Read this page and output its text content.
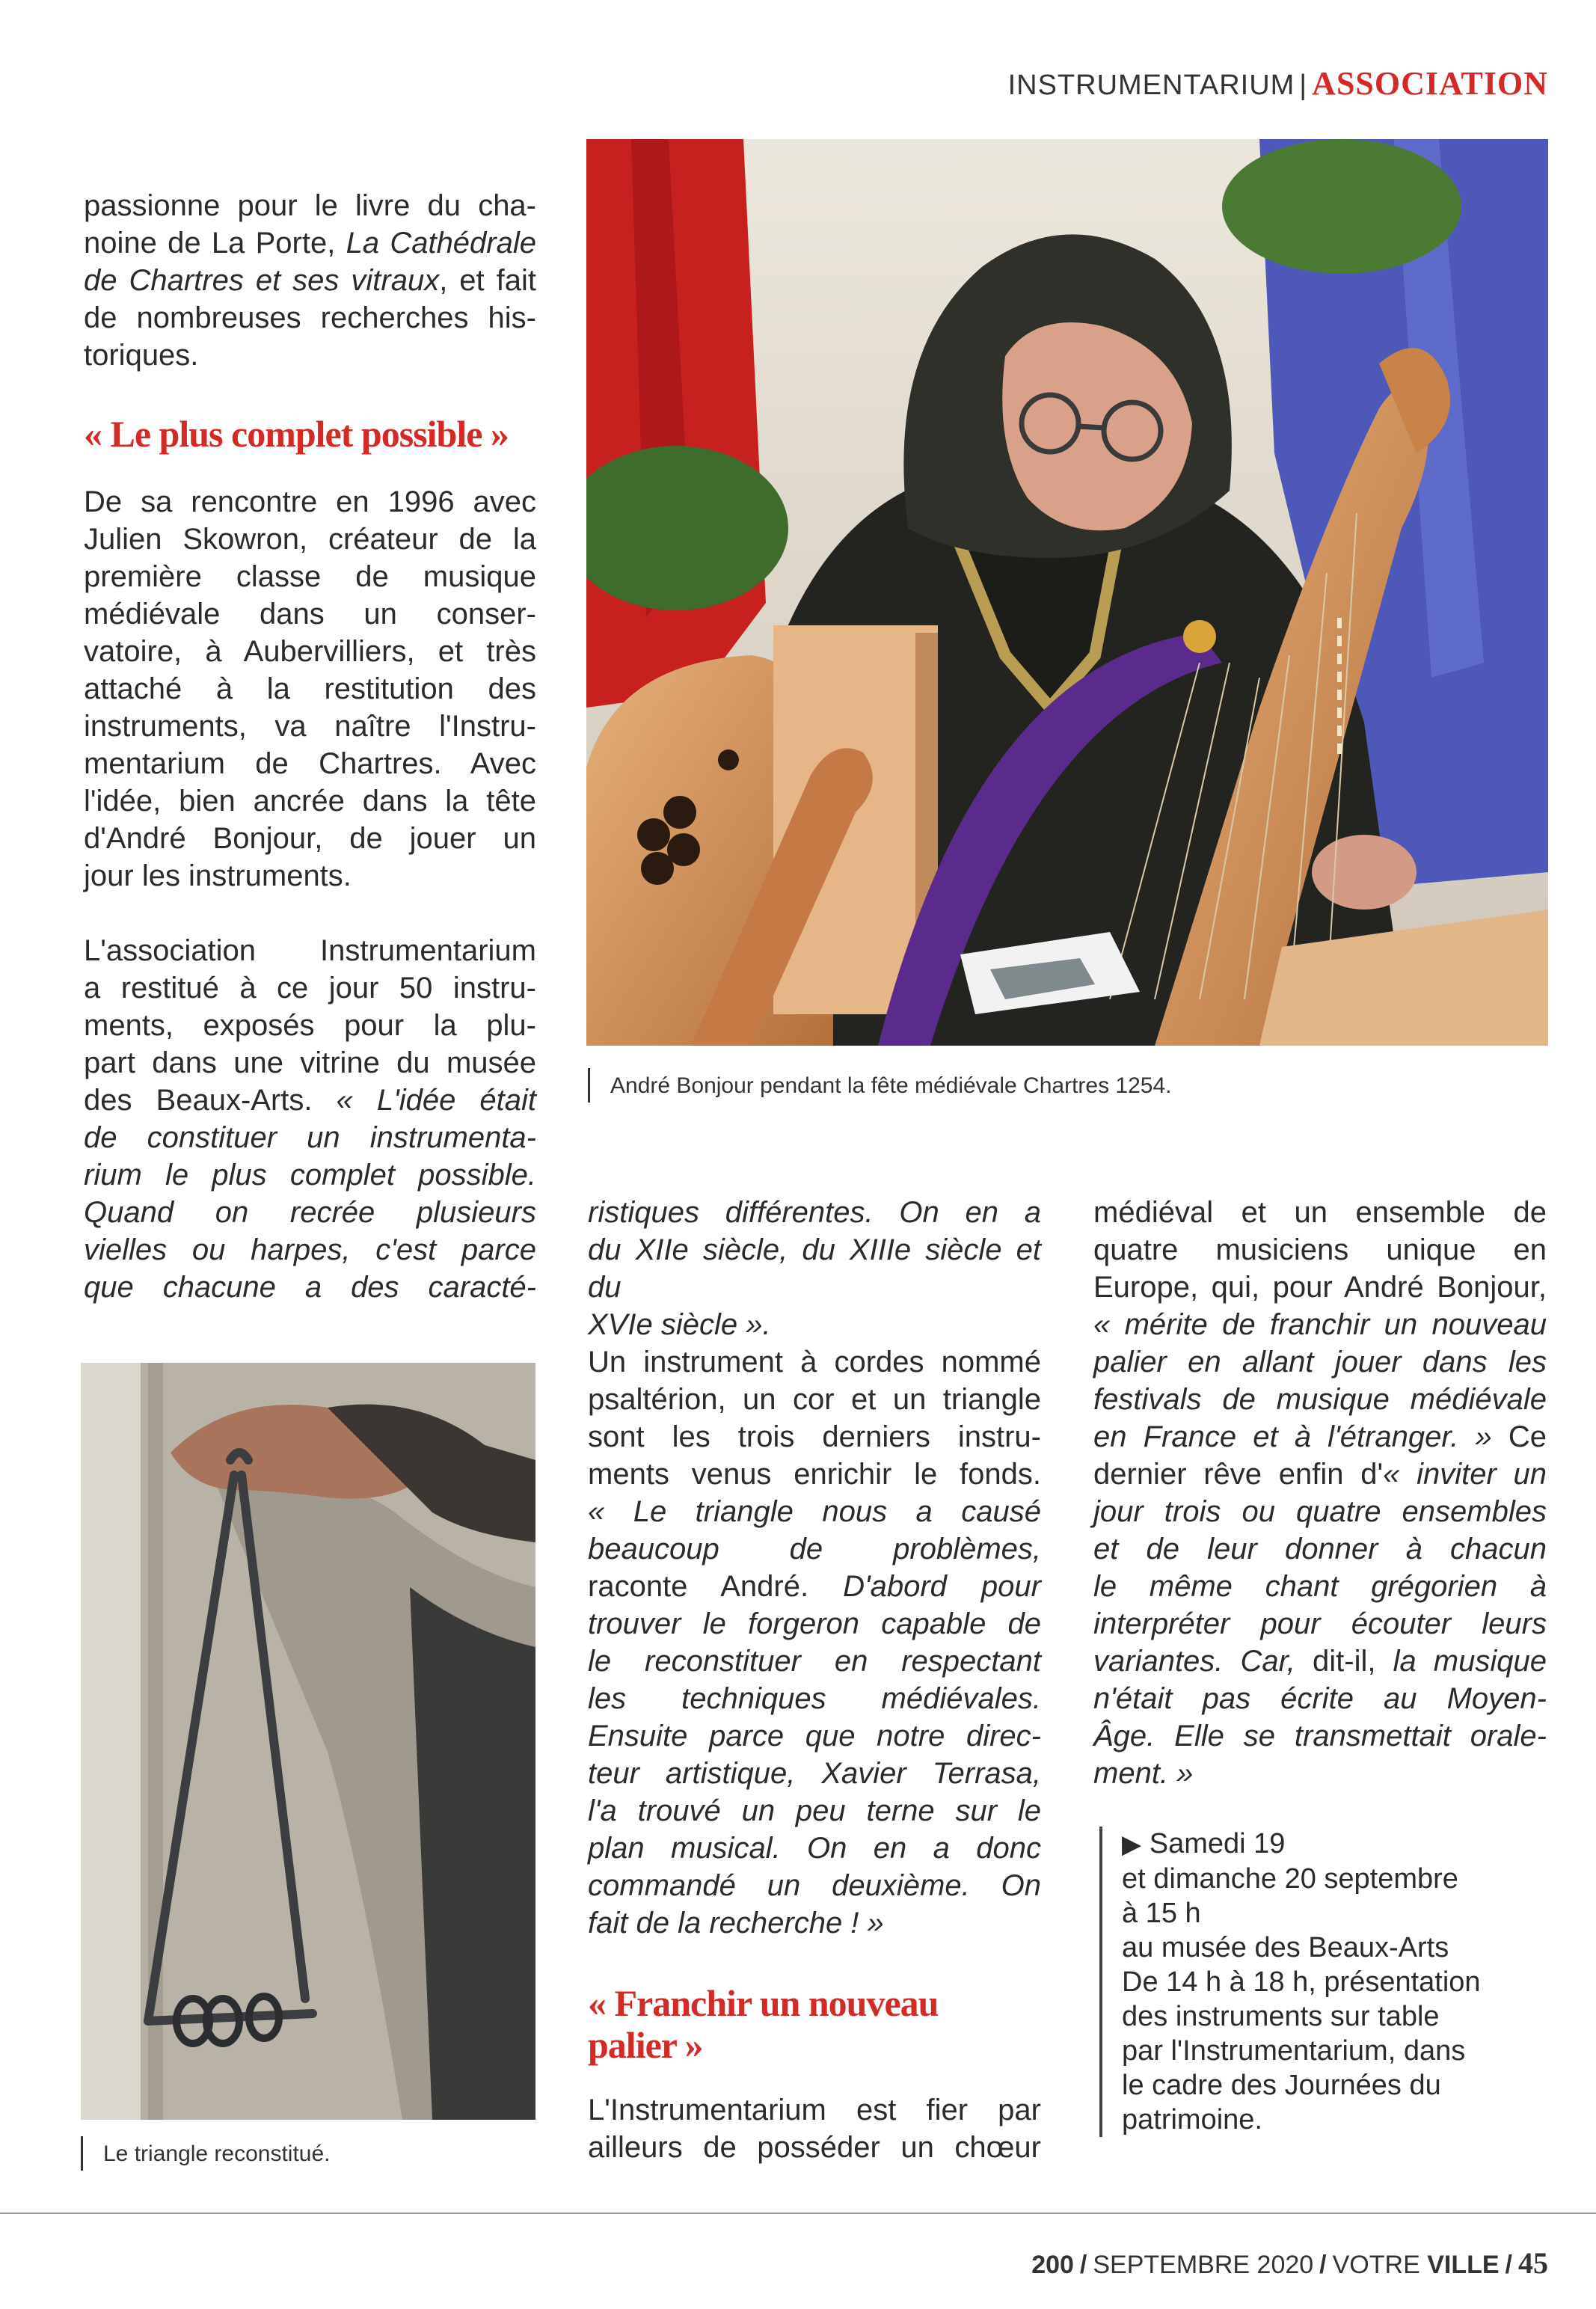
INSTRUMENTARIUM | ASSOCIATION

passionne pour le livre du cha-

noine de La Porte, La Cathédrale

de Chartres et ses vitraux, et fait

de nombreuses recherches his-

toriques.

« Le plus complet possible »

De sa rencontre en 1996 avec

Julien Skowron, créateur de la

première classe de musique

médiévale dans un conser-

vatoire, à Aubervilliers, et très

attaché à la restitution des

instruments, va naître l'Instru-

mentarium de Chartres. Avec

l'idée, bien ancrée dans la tête

d'André Bonjour, de jouer un

jour les instruments.

L'association Instrumentarium

a restitué à ce jour 50 instru-

ments, exposés pour la plu-

part dans une vitrine du musée

des Beaux-Arts. « L'idée était

de constituer un instrumenta-

rium le plus complet possible.

Quand on recrée plusieurs

vielles ou harpes, c'est parce

que chacune a des caracté-

André Bonjour pendant la fête médiévale Chartres 1254.
Le triangle reconstitué.

ristiques différentes. On en a

du XIIe siècle, du XIIIe siècle et du

XVIe siècle ».

Un instrument à cordes nommé

psaltérion, un cor et un triangle

sont les trois derniers instru-

ments venus enrichir le fonds.

« Le triangle nous a causé

beaucoup de problèmes,

raconte André. D'abord pour

trouver le forgeron capable de

le reconstituer en respectant

les techniques médiévales.

Ensuite parce que notre direc-

teur artistique, Xavier Terrasa,

l'a trouvé un peu terne sur le

plan musical. On en a donc

commandé un deuxième. On

fait de la recherche ! »

« Franchir un nouveau
palier »

L'Instrumentarium est fier par

ailleurs de posséder un chœur

médiéval et un ensemble de

quatre musiciens unique en

Europe, qui, pour André Bonjour,

« mérite de franchir un nouveau

palier en allant jouer dans les

festivals de musique médiévale

en France et à l'étranger. » Ce

dernier rêve enfin d'« inviter un

jour trois ou quatre ensembles

et de leur donner à chacun

le même chant grégorien à

interpréter pour écouter leurs

variantes. Car, dit-il, la musique

n'était pas écrite au Moyen-

Âge. Elle se transmettait orale-

ment. »

▶ Samedi 19

et dimanche 20 septembre

à 15 h

au musée des Beaux-Arts

De 14 h à 18 h, présentation

des instruments sur table

par l'Instrumentarium, dans

le cadre des Journées du

patrimoine.

200 / SEPTEMBRE 2020 / VOTRE VILLE / 45
